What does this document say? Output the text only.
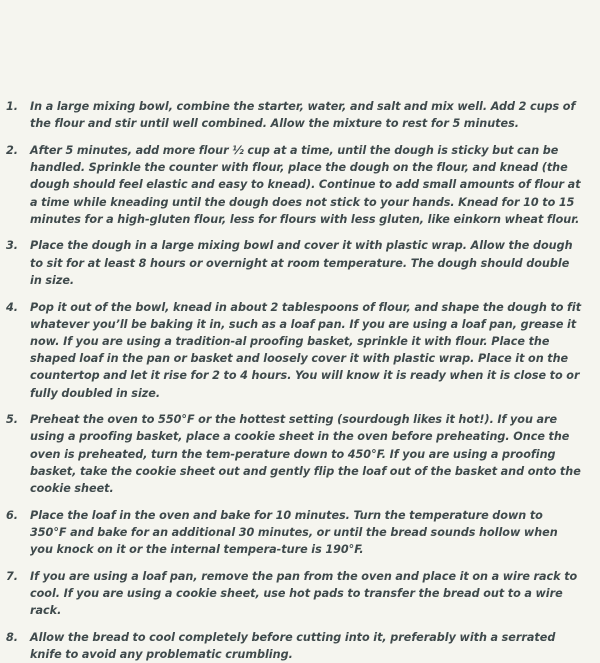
1.	In a large mixing bowl, combine the starter, water, and salt and mix well. Add 2 cups of the flour and stir until well combined. Allow the mixture to rest for 5 minutes.
2.	After 5 minutes, add more flour ½ cup at a time, until the dough is sticky but can be handled. Sprinkle the counter with flour, place the dough on the flour, and knead (the dough should feel elastic and easy to knead). Continue to add small amounts of flour at a time while kneading until the dough does not stick to your hands. Knead for 10 to 15 minutes for a high-gluten flour, less for flours with less gluten, like einkorn wheat flour.
3.	Place the dough in a large mixing bowl and cover it with plastic wrap. Allow the dough to sit for at least 8 hours or overnight at room temperature. The dough should double in size.
4.	Pop it out of the bowl, knead in about 2 tablespoons of flour, and shape the dough to fit whatever you’ll be baking it in, such as a loaf pan. If you are using a loaf pan, grease it now. If you are using a tradition-al proofing basket, sprinkle it with flour. Place the shaped loaf in the pan or basket and loosely cover it with plastic wrap. Place it on the countertop and let it rise for 2 to 4 hours. You will know it is ready when it is close to or fully doubled in size.
5.	Preheat the oven to 550°F or the hottest setting (sourdough likes it hot!). If you are using a proofing basket, place a cookie sheet in the oven before preheating. Once the oven is preheated, turn the tem-perature down to 450°F. If you are using a proofing basket, take the cookie sheet out and gently flip the loaf out of the basket and onto the cookie sheet.
6.	Place the loaf in the oven and bake for 10 minutes. Turn the temperature down to 350°F and bake for an additional 30 minutes, or until the bread sounds hollow when you knock on it or the internal tempera-ture is 190°F.
7.	If you are using a loaf pan, remove the pan from the oven and place it on a wire rack to cool. If you are using a cookie sheet, use hot pads to transfer the bread out to a wire rack.
8.	Allow the bread to cool completely before cutting into it, preferably with a serrated knife to avoid any problematic crumbling.
